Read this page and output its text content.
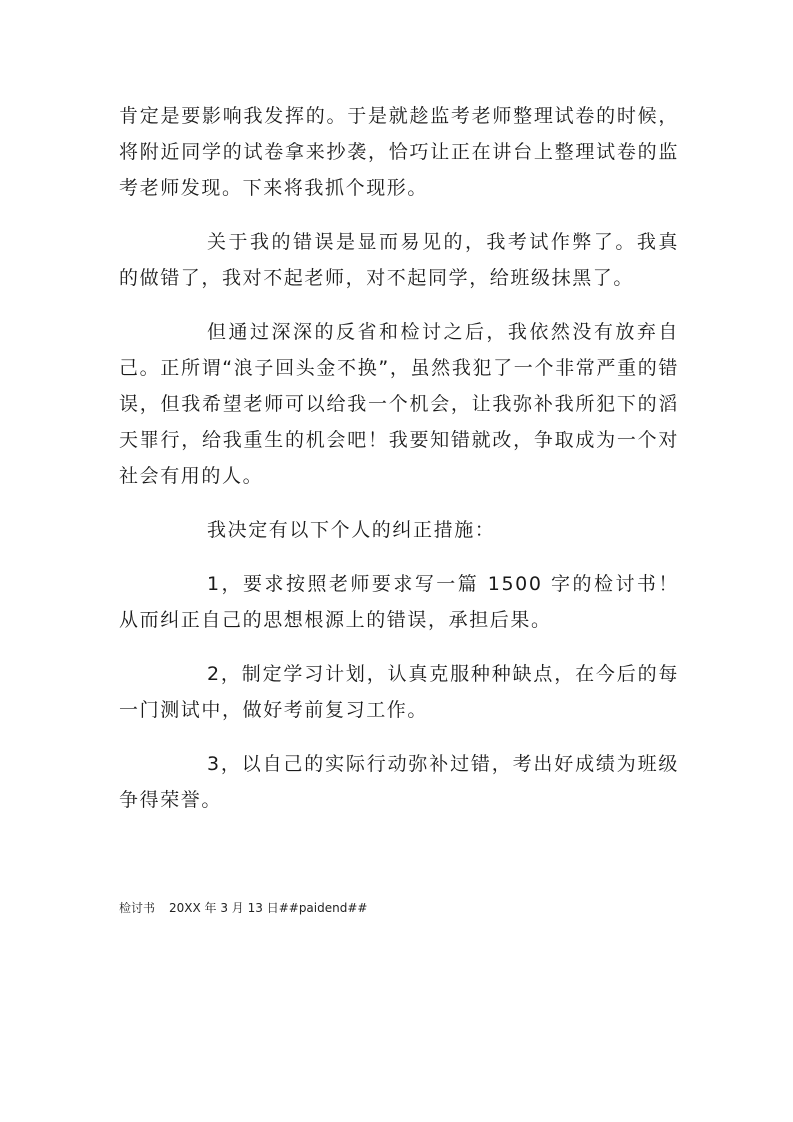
肯定是要影响我发挥的。于是就趁监考老师整理试卷的时候，将附近同学的试卷拿来抄袭，恰巧让正在讲台上整理试卷的监考老师发现。下来将我抓个现形。

关于我的错误是显而易见的，我考试作弊了。我真的做错了，我对不起老师，对不起同学，给班级抹黑了。

但通过深深的反省和检讨之后，我依然没有放弃自己。正所谓“浪子回头金不换”，虽然我犯了一个非常严重的错误，但我希望老师可以给我一个机会，让我弥补我所犯下的滔天罪行，给我重生的机会吧！我要知错就改，争取成为一个对社会有用的人。

我决定有以下个人的纠正措施：

1，要求按照老师要求写一篇 1500 字的检讨书！从而纠正自己的思想根源上的错误，承担后果。

2，制定学习计划，认真克服种种缺点，在今后的每一门测试中，做好考前复习工作。

3，以自己的实际行动弥补过错，考出好成绩为班级争得荣誉。

检讨书 20XX 年 3 月 13 日##paidend##
